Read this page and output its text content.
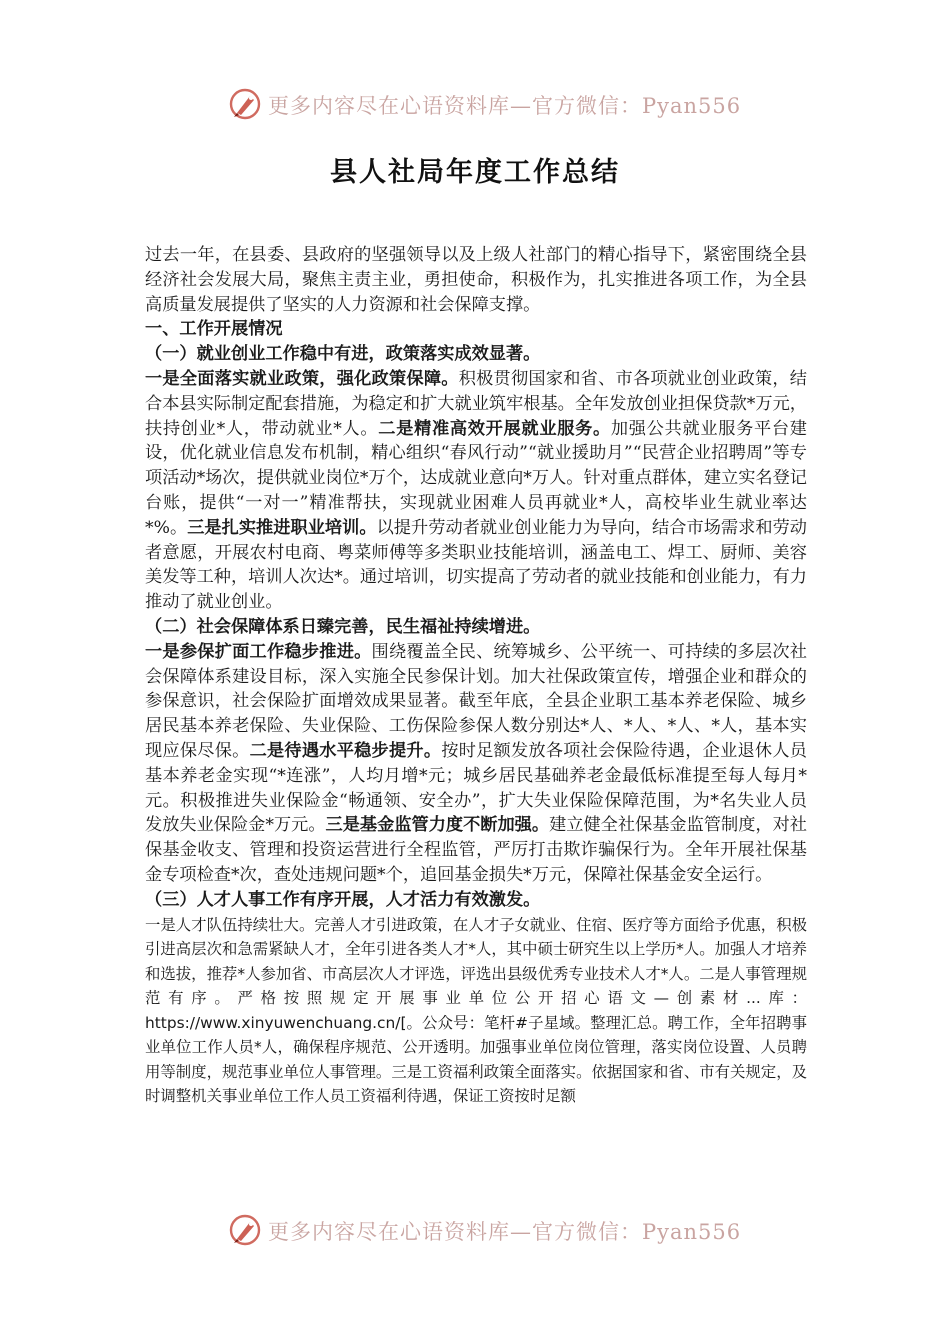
更多内容尽在心语资料库—官方微信：Pyan556
县人社局年度工作总结

过去一年，在县委、县政府的坚强领导以及上级人社部门的精心指导下，紧密围绕全县经济社会发展大局，聚焦主责主业，勇担使命，积极作为，扎实推进各项工作，为全县高质量发展提供了坚实的人力资源和社会保障支撑。

一、工作开展情况

（一）就业创业工作稳中有进，政策落实成效显著。

一是全面落实就业政策，强化政策保障。积极贯彻国家和省、市各项就业创业政策，结合本县实际制定配套措施，为稳定和扩大就业筑牢根基。全年发放创业担保贷款*万元，扶持创业*人，带动就业*人。二是精准高效开展就业服务。加强公共就业服务平台建设，优化就业信息发布机制，精心组织“春风行动”“就业援助月”“民营企业招聘周”等专项活动*场次，提供就业岗位*万个，达成就业意向*万人。针对重点群体，建立实名登记台账，提供“一对一”精准帮扶，实现就业困难人员再就业*人，高校毕业生就业率达*%。三是扎实推进职业培训。以提升劳动者就业创业能力为导向，结合市场需求和劳动者意愿，开展农村电商、粤菜师傅等多类职业技能培训，涵盖电工、焊工、厨师、美容美发等工种，培训人次达*。通过培训，切实提高了劳动者的就业技能和创业能力，有力推动了就业创业。

（二）社会保障体系日臻完善，民生福祉持续增进。

一是参保扩面工作稳步推进。围绕覆盖全民、统筹城乡、公平统一、可持续的多层次社会保障体系建设目标，深入实施全民参保计划。加大社保政策宣传，增强企业和群众的参保意识，社会保险扩面增效成果显著。截至年底，全县企业职工基本养老保险、城乡居民基本养老保险、失业保险、工伤保险参保人数分别达*人、*人、*人、*人，基本实现应保尽保。二是待遇水平稳步提升。按时足额发放各项社会保险待遇，企业退休人员基本养老金实现“*连涨”，人均月增*元；城乡居民基础养老金最低标准提至每人每月*元。积极推进失业保险金“畅通领、安全办”，扩大失业保险保障范围，为*名失业人员发放失业保险金*万元。三是基金监管力度不断加强。建立健全社保基金监管制度，对社保基金收支、管理和投资运营进行全程监管，严厉打击欺诈骗保行为。全年开展社保基金专项检查*次，查处违规问题*个，追回基金损失*万元，保障社保基金安全运行。

（三）人才人事工作有序开展，人才活力有效激发。

一是人才队伍持续壮大。完善人才引进政策，在人才子女就业、住宿、医疗等方面给予优惠，积极引进高层次和急需紧缺人才，全年引进各类人才*人，其中硕士研究生以上学历*人。加强人才培养和选拔，推荐*人参加省、市高层次人才评选，评选出县级优秀专业技术人才*人。二是人事管理规范有序。严格按照规定开展事业单位公开招心语文—创素材...库：https://www.xinyuwenchuang.cn/[。公众号：笔杆#子星域。整理汇总。聘工作，全年招聘事业单位工作人员*人，确保程序规范、公开透明。加强事业单位岗位管理，落实岗位设置、人员聘用等制度，规范事业单位人事管理。三是工资福利政策全面落实。依据国家和省、市有关规定，及时调整机关事业单位工作人员工资福利待遇，保证工资按时足额

更多内容尽在心语资料库—官方微信：Pyan556
